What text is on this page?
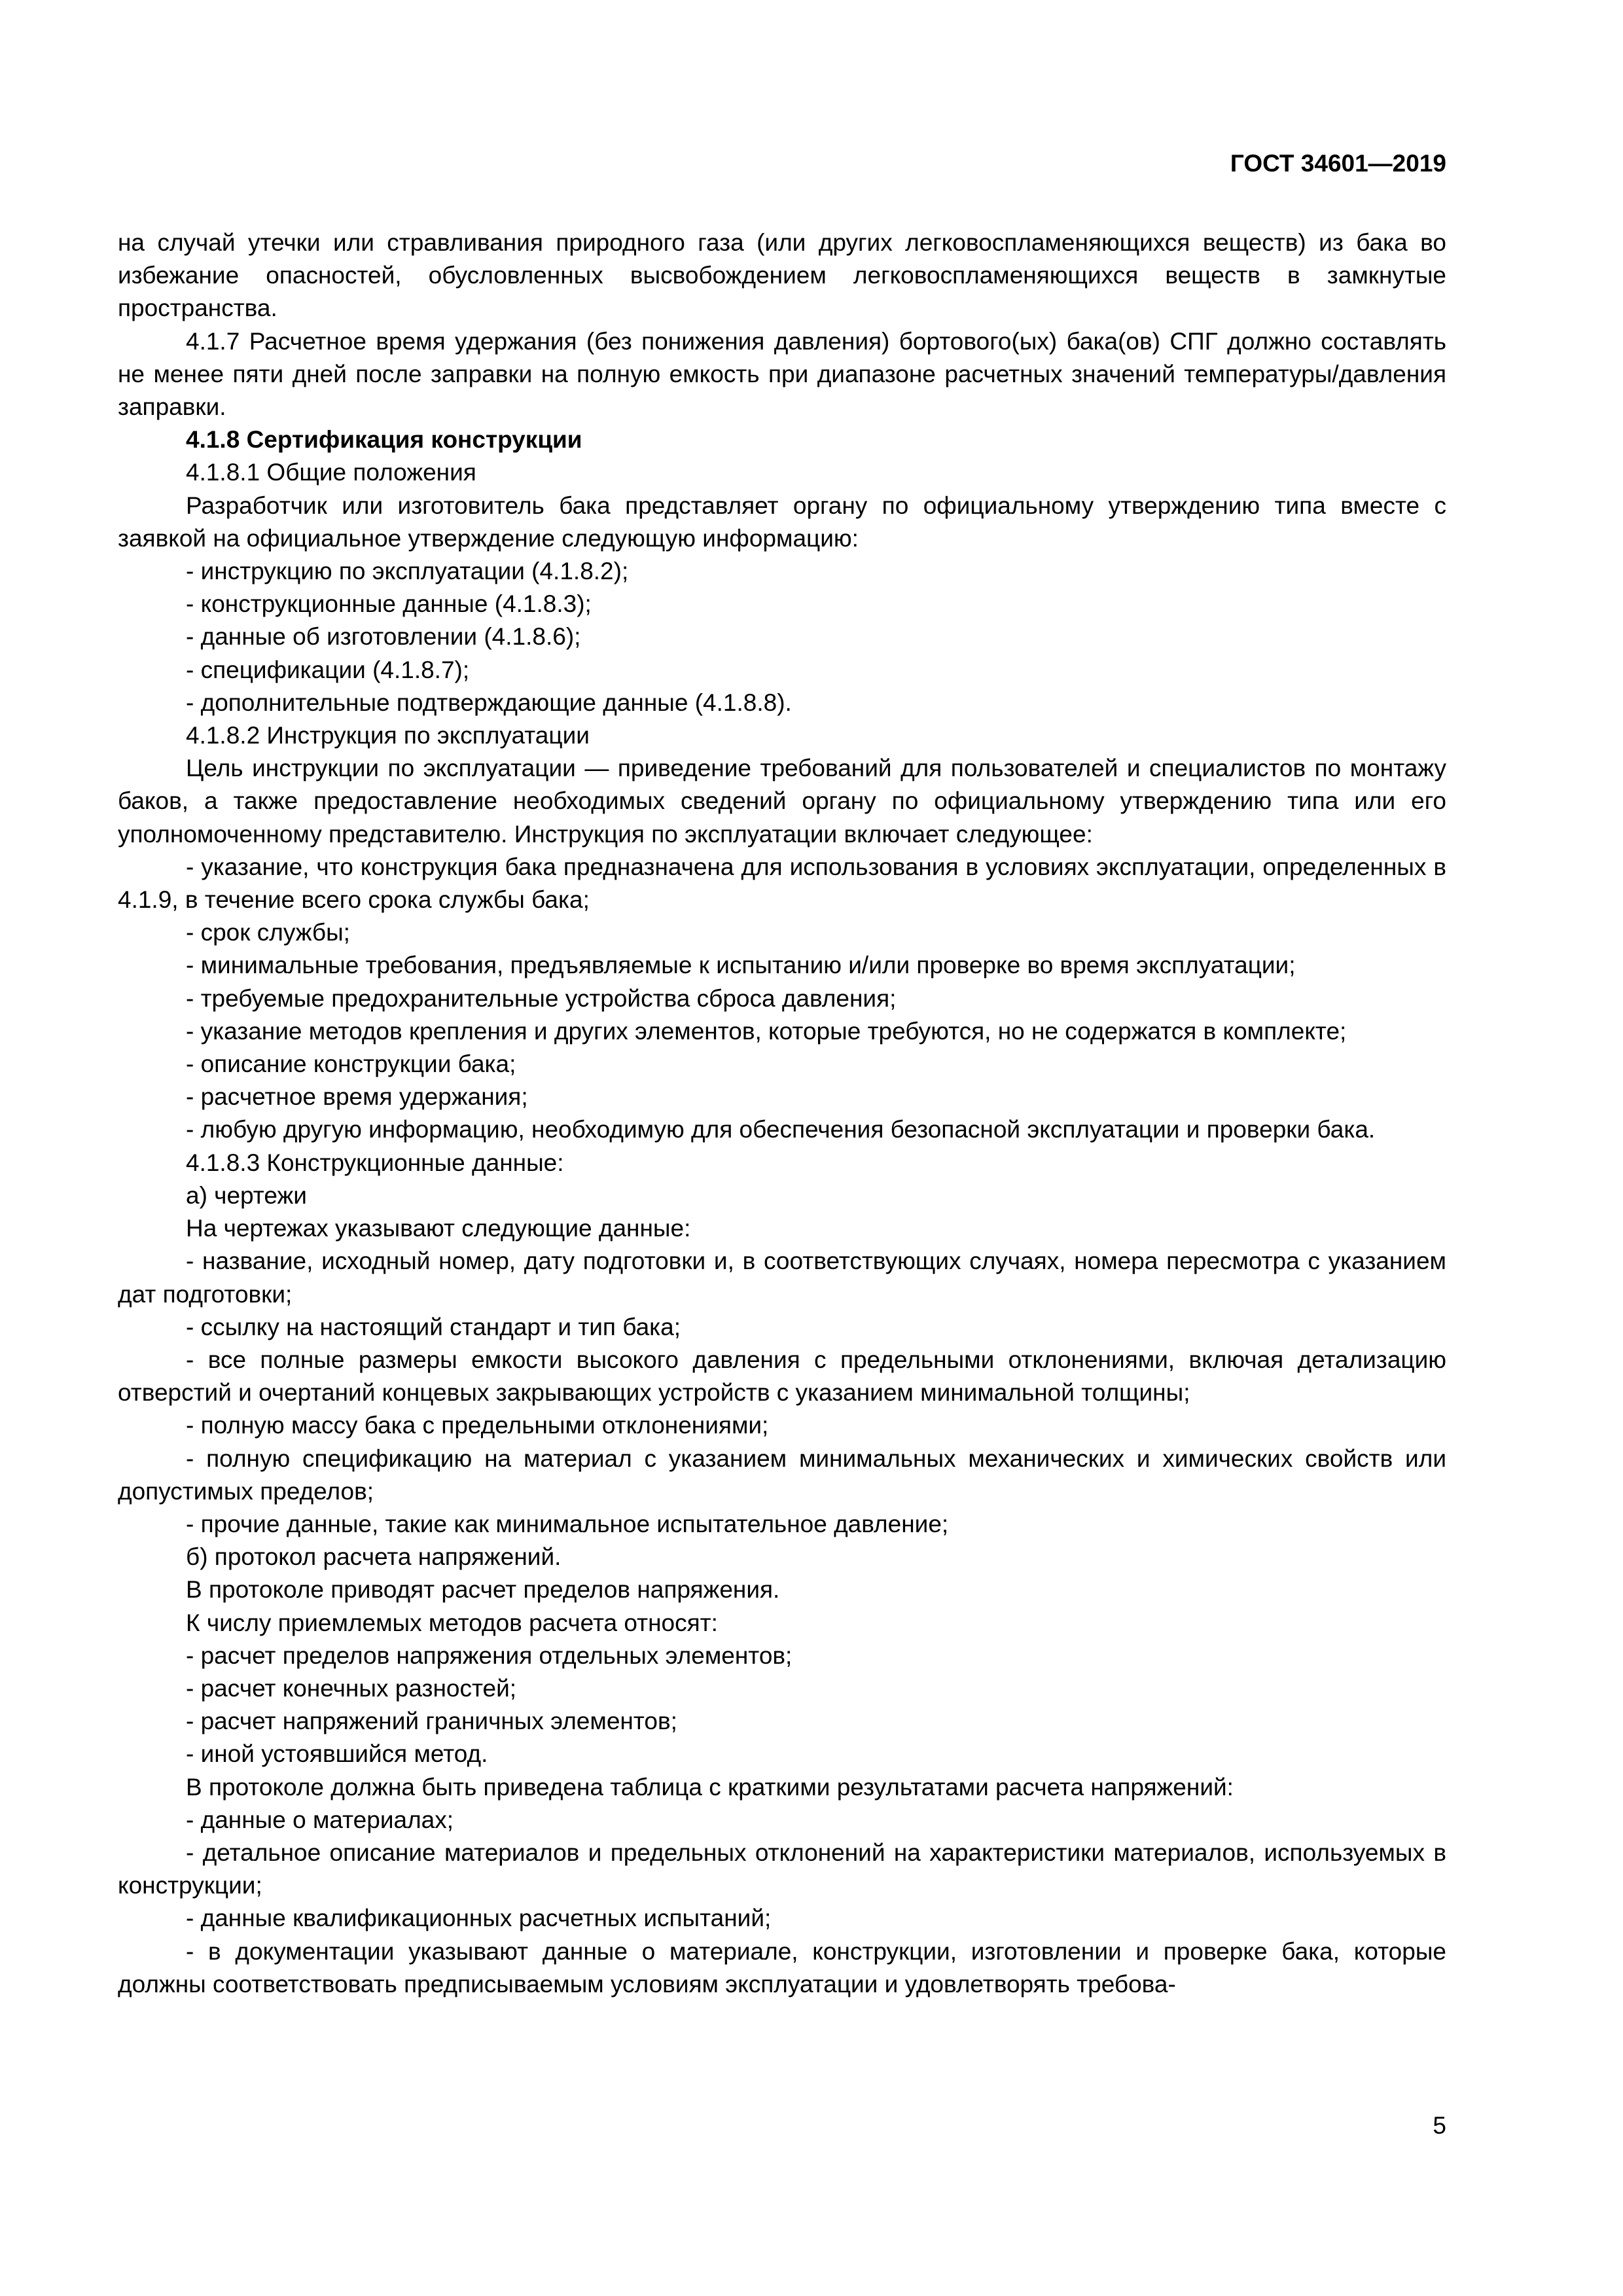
ГОСТ 34601—2019

на случай утечки или стравливания природного газа (или других легковоспламеняющихся веществ) из бака во избежание опасностей, обусловленных высвобождением легковоспламеняющихся веществ в замкнутые пространства.

4.1.7 Расчетное время удержания (без понижения давления) бортового(ых) бака(ов) СПГ должно составлять не менее пяти дней после заправки на полную емкость при диапазоне расчетных значений температуры/давления заправки.

4.1.8 Сертификация конструкции

4.1.8.1 Общие положения

Разработчик или изготовитель бака представляет органу по официальному утверждению типа вместе с заявкой на официальное утверждение следующую информацию:

- инструкцию по эксплуатации (4.1.8.2);

- конструкционные данные (4.1.8.3);

- данные об изготовлении (4.1.8.6);

- спецификации (4.1.8.7);

- дополнительные подтверждающие данные (4.1.8.8).

4.1.8.2 Инструкция по эксплуатации

Цель инструкции по эксплуатации — приведение требований для пользователей и специалистов по монтажу баков, а также предоставление необходимых сведений органу по официальному утверждению типа или его уполномоченному представителю. Инструкция по эксплуатации включает следующее:

- указание, что конструкция бака предназначена для использования в условиях эксплуатации, определенных в 4.1.9, в течение всего срока службы бака;

- срок службы;

- минимальные требования, предъявляемые к испытанию и/или проверке во время эксплуатации;

- требуемые предохранительные устройства сброса давления;

- указание методов крепления и других элементов, которые требуются, но не содержатся в комплекте;

- описание конструкции бака;

- расчетное время удержания;

- любую другую информацию, необходимую для обеспечения безопасной эксплуатации и проверки бака.

4.1.8.3 Конструкционные данные:

а) чертежи

На чертежах указывают следующие данные:

- название, исходный номер, дату подготовки и, в соответствующих случаях, номера пересмотра с указанием дат подготовки;

- ссылку на настоящий стандарт и тип бака;

- все полные размеры емкости высокого давления с предельными отклонениями, включая детализацию отверстий и очертаний концевых закрывающих устройств с указанием минимальной толщины;

- полную массу бака с предельными отклонениями;

- полную спецификацию на материал с указанием минимальных механических и химических свойств или допустимых пределов;

- прочие данные, такие как минимальное испытательное давление;

б) протокол расчета напряжений.

В протоколе приводят расчет пределов напряжения.

К числу приемлемых методов расчета относят:

- расчет пределов напряжения отдельных элементов;

- расчет конечных разностей;

- расчет напряжений граничных элементов;

- иной устоявшийся метод.

В протоколе должна быть приведена таблица с краткими результатами расчета напряжений:

- данные о материалах;

- детальное описание материалов и предельных отклонений на характеристики материалов, используемых в конструкции;

- данные квалификационных расчетных испытаний;

- в документации указывают данные о материале, конструкции, изготовлении и проверке бака, которые должны соответствовать предписываемым условиям эксплуатации и удовлетворять требова-

5
